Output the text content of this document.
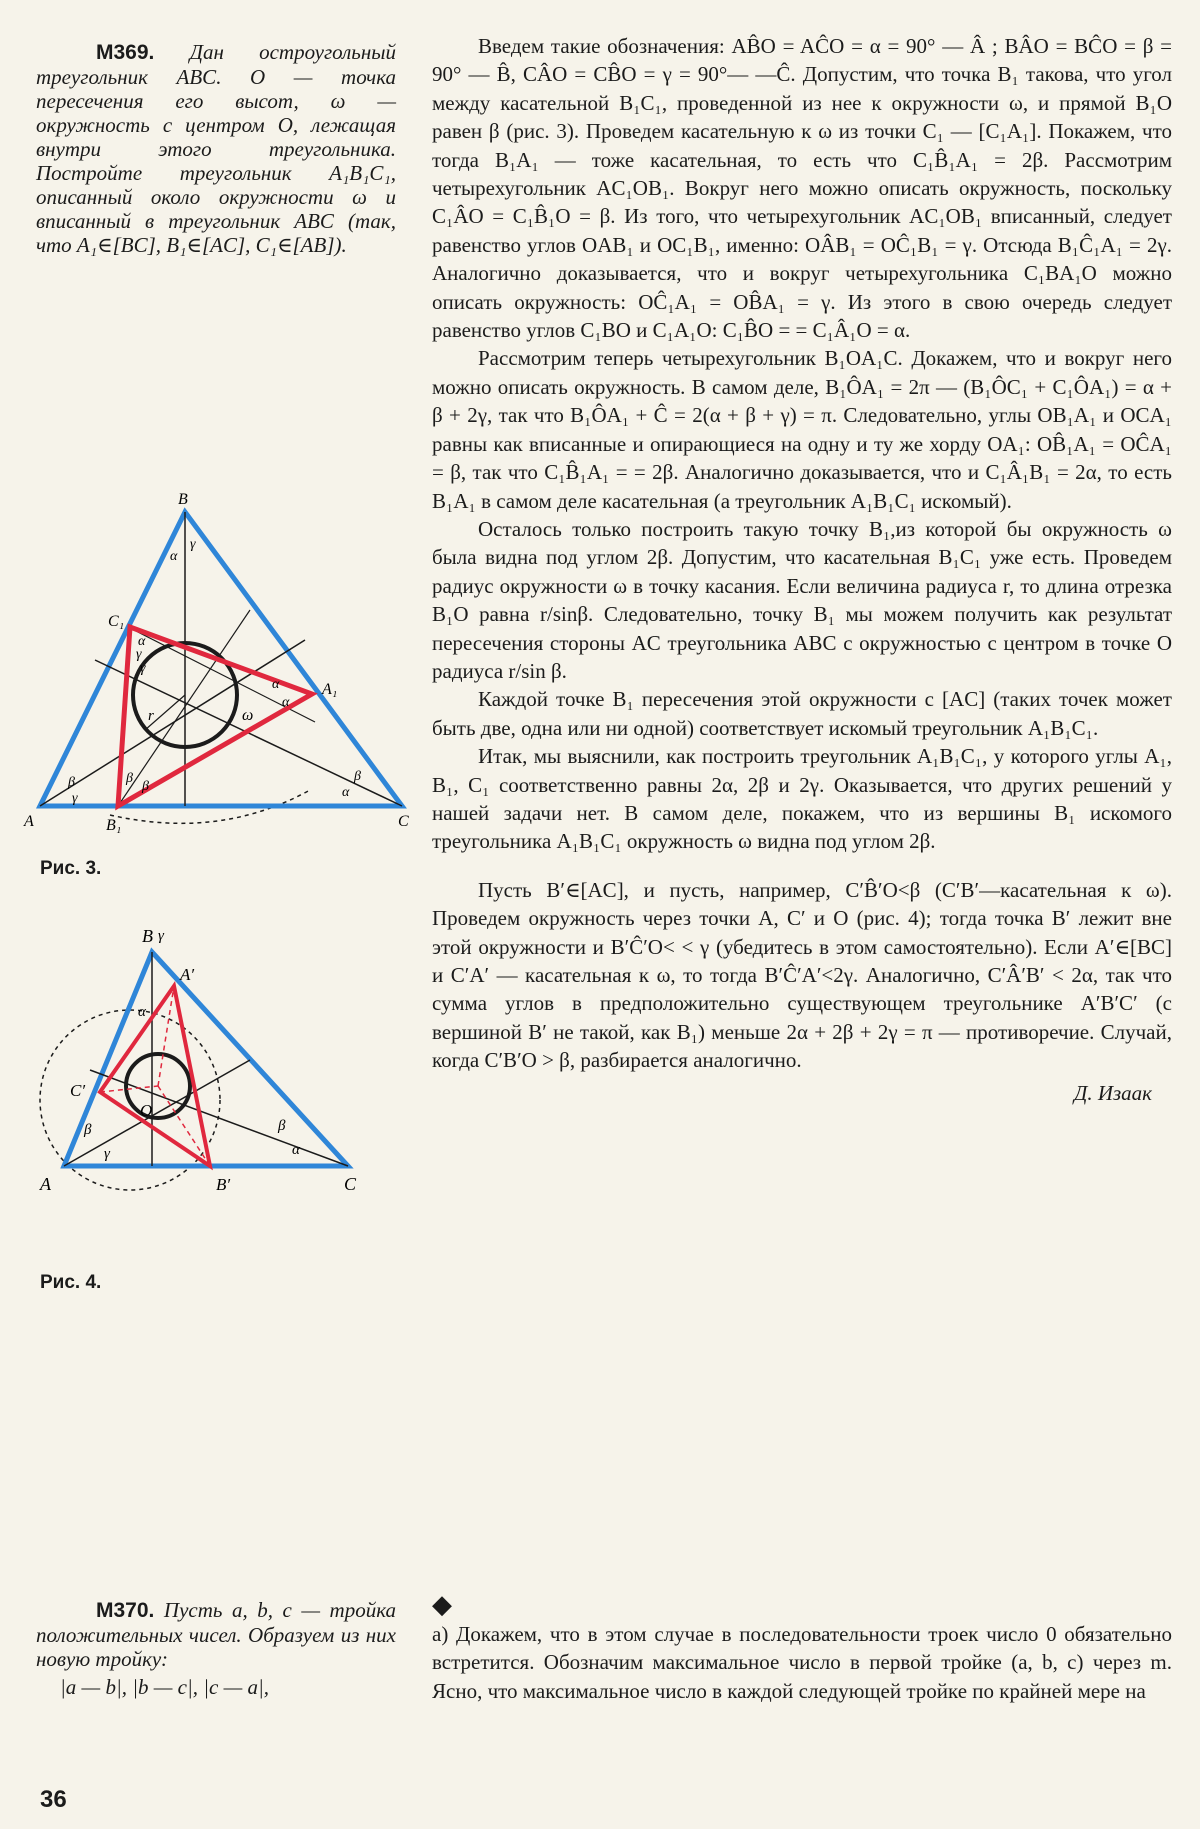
М369. Дан остроугольный треугольник ABC. O — точка пересечения его высот, ω — окружность с центром O, лежащая внутри этого треугольника. Постройте треугольник A₁B₁C₁, описанный около окружности ω и вписанный в треугольник ABC (так, что A₁∈[BC], B₁∈[AC], C₁∈[AB]).

B
A	C
A₁
B₁
C₁
r	ω
α
γ
α
α
γ
γ
α
β
γ
β
β
β
α
Рис. 3.
B γ
A′
C′
O
A	B′	C
α
β
γ
β
α
Рис. 4.

Введем такие обозначения: AB̂O = AĈO = α = 90° — Â ; BÂO = BĈO = β = 90° — B̂, CÂO = CB̂O = γ = 90°— —Ĉ. Допустим, что точка B₁ такова, что угол между касательной B₁C₁, проведенной из нее к окружности ω, и прямой B₁O равен β (рис. 3). Проведем касательную к ω из точки C₁ — [C₁A₁]. Покажем, что тогда B₁A₁ — тоже касательная, то есть что C₁B̂₁A₁ = 2β. Рассмотрим четырехугольник AC₁OB₁. Вокруг него можно описать окружность, поскольку C₁ÂO = C₁B̂₁O = β. Из того, что четырехугольник AC₁OB₁ вписанный, следует равенство углов OAB₁ и OC₁B₁, именно: OÂB₁ = OĈ₁B₁ = γ. Отсюда B₁Ĉ₁A₁ = 2γ. Аналогично доказывается, что и вокруг четырехугольника C₁BA₁O можно описать окружность: OĈ₁A₁ = OB̂A₁ = γ. Из этого в свою очередь следует равенство углов C₁BO и C₁A₁O: C₁B̂O = = C₁Â₁O = α.

Рассмотрим теперь четырехугольник B₁OA₁C. Докажем, что и вокруг него можно описать окружность. В самом деле, B₁ÔA₁ = 2π — (B₁ÔC₁ + C₁ÔA₁) = α + β + 2γ, так что B₁ÔA₁ + Ĉ = 2(α + β + γ) = π. Следовательно, углы OB₁A₁ и OCA₁ равны как вписанные и опирающиеся на одну и ту же хорду OA₁: OB̂₁A₁ = OĈA₁ = β, так что C₁B̂₁A₁ = = 2β. Аналогично доказывается, что и C₁Â₁B₁ = 2α, то есть B₁A₁ в самом деле касательная (а треугольник A₁B₁C₁ искомый).

Осталось только построить такую точку B₁,из которой бы окружность ω была видна под углом 2β. Допустим, что касательная B₁C₁ уже есть. Проведем радиус окружности ω в точку касания. Если величина радиуса r, то длина отрезка B₁O равна r/sinβ. Следовательно, точку B₁ мы можем получить как результат пересечения стороны AC треугольника ABC с окружностью с центром в точке O радиуса r/sin β.

Каждой точке B₁ пересечения этой окружности с [AC] (таких точек может быть две, одна или ни одной) соответствует искомый треугольник A₁B₁C₁.

Итак, мы выяснили, как построить треугольник A₁B₁C₁, у которого углы A₁, B₁, C₁ соответственно равны 2α, 2β и 2γ. Оказывается, что других решений у нашей задачи нет. В самом деле, покажем, что из вершины B₁ искомого треугольника A₁B₁C₁ окружность ω видна под углом 2β.

Пусть B′∈[AC], и пусть, например, C′B̂′O<β (C′B′—касательная к ω). Проведем окружность через точки A, C′ и O (рис. 4); тогда точка B′ лежит вне этой окружности и B′Ĉ′O< < γ (убедитесь в этом самостоятельно). Если A′∈[BC] и C′A′ — касательная к ω, то тогда B′Ĉ′A′<2γ. Аналогично, C′Â′B′ < 2α, так что сумма углов в предположительно существующем треугольнике A′B′C′ (с вершиной B′ не такой, как B₁) меньше 2α + 2β + 2γ = π — противоречие. Случай, когда C′B′O > β, разбирается аналогично.

Д. Изаак

М370. Пусть a, b, c — тройка положительных чисел. Образуем из них новую тройку:

|a — b|, |b — c|, |c — a|,

◆

а) Докажем, что в этом случае в последовательности троек число 0 обязательно встретится. Обозначим максимальное число в первой тройке (a, b, c) через m. Ясно, что максимальное число в каждой следующей тройке по крайней мере на

36
